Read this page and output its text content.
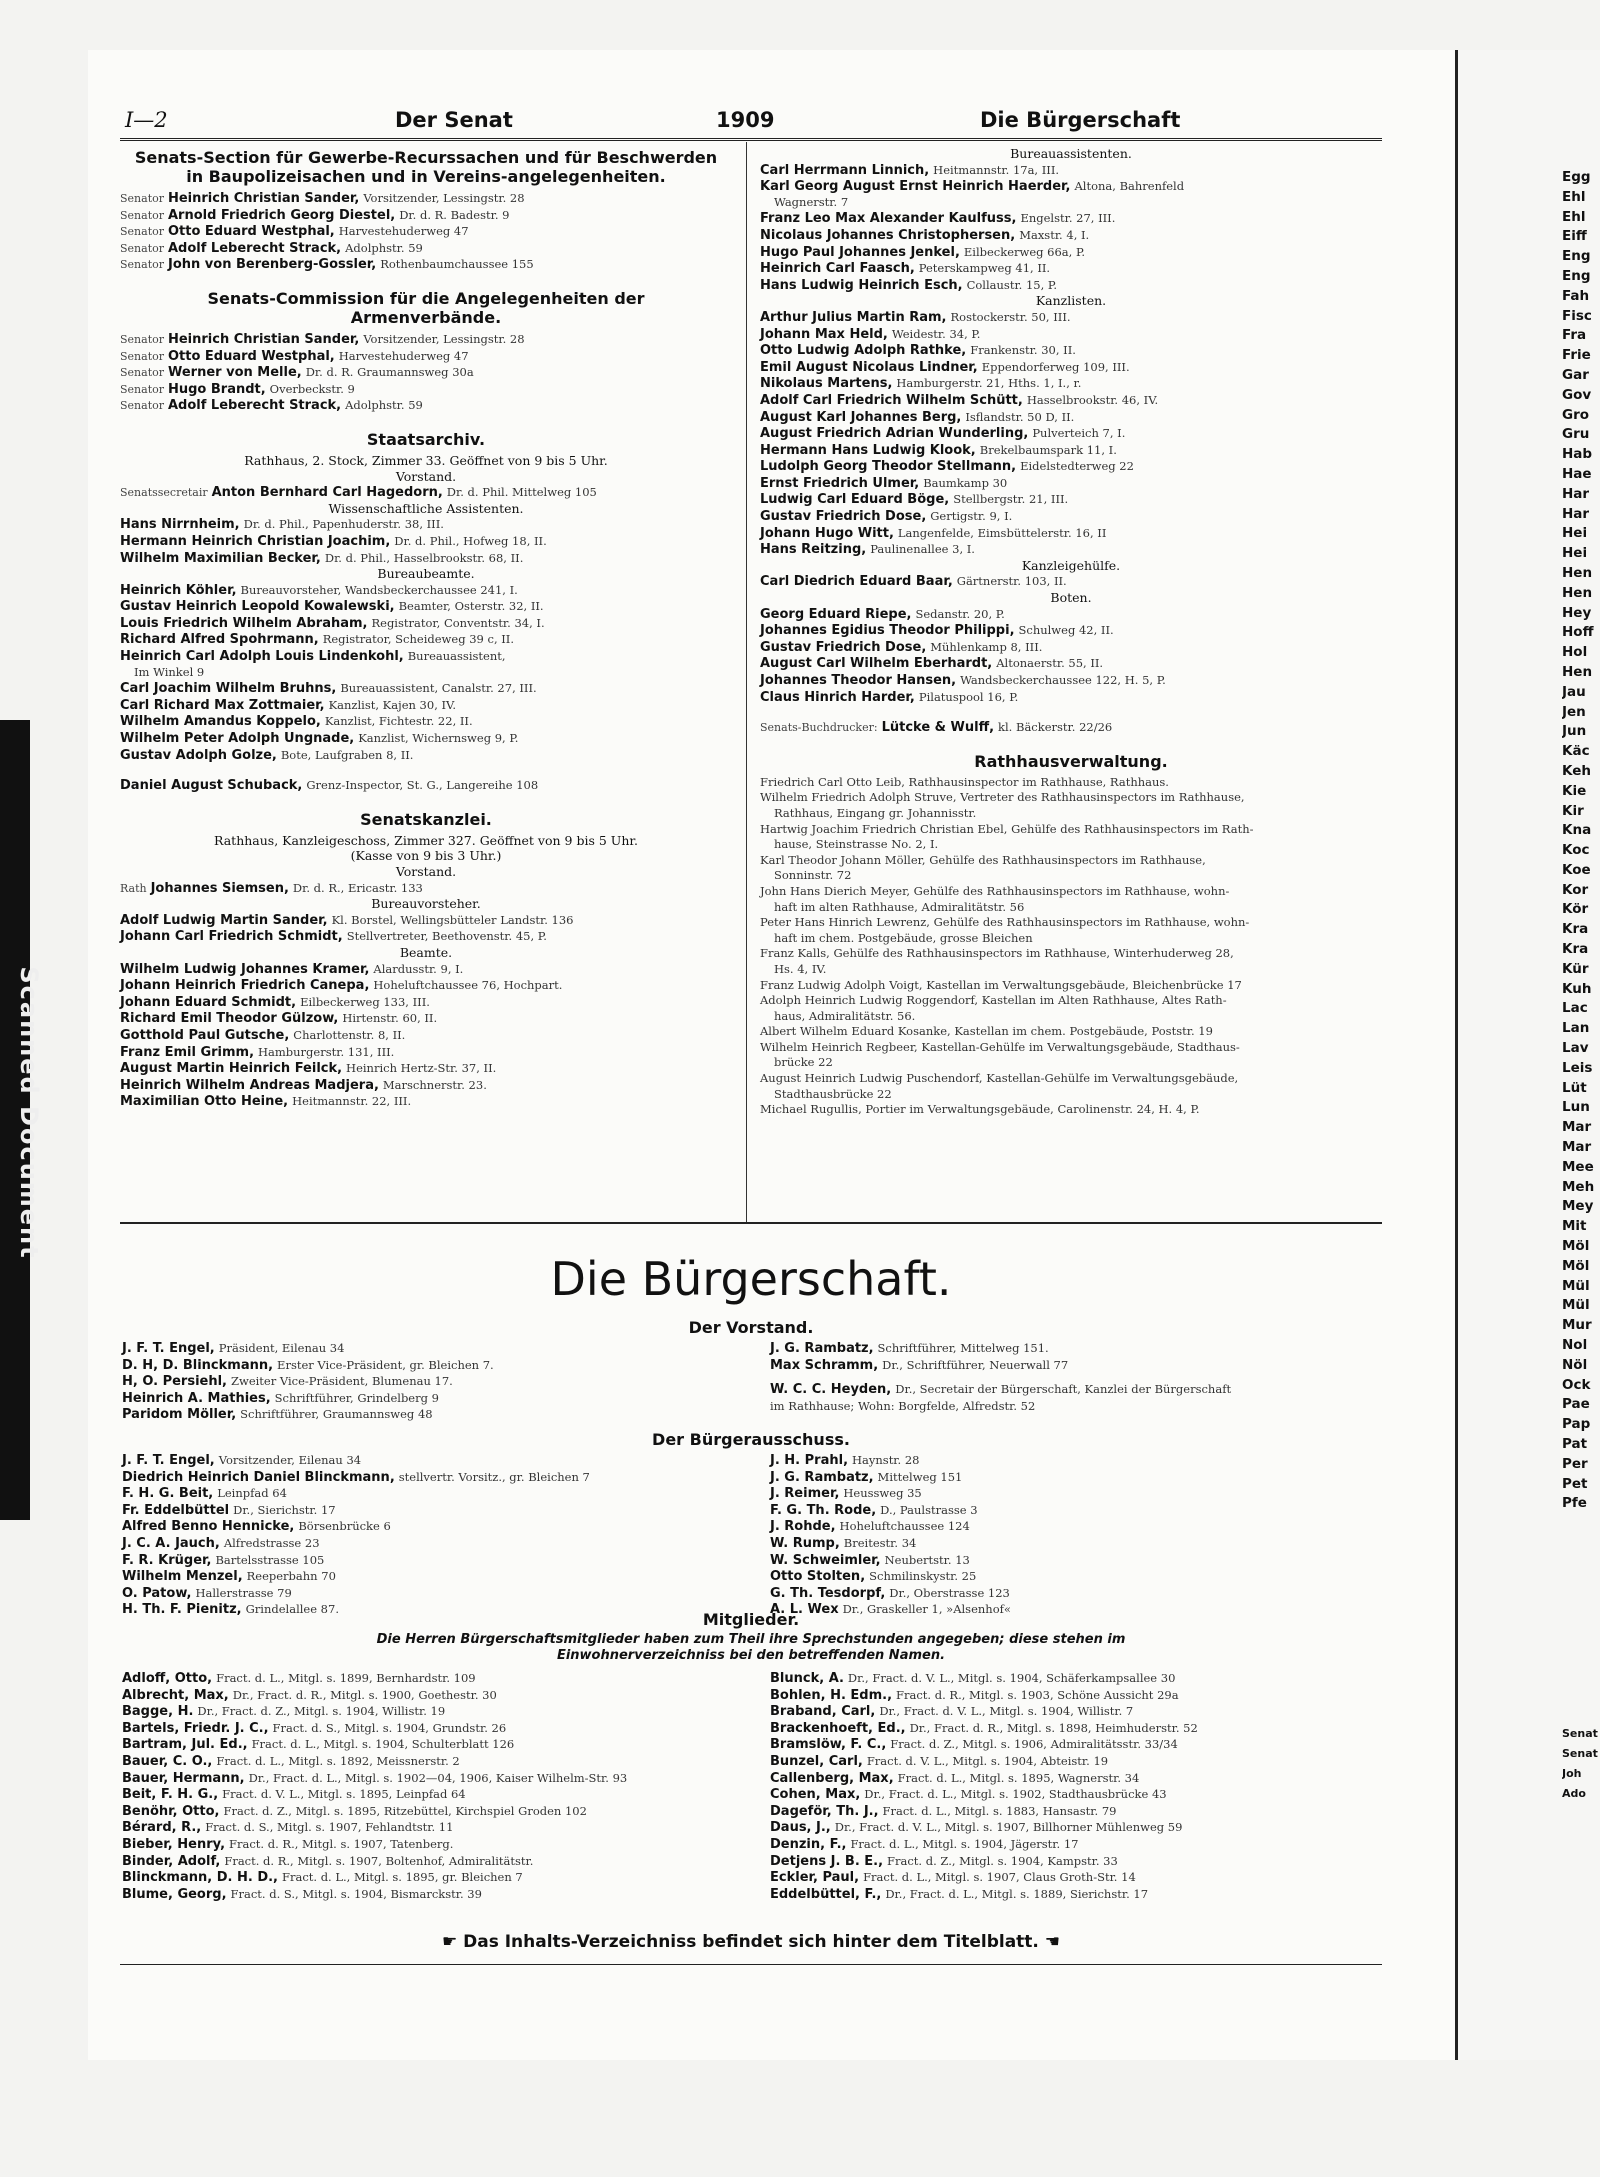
Scanned Document
Egg
Ehl
Ehl
Eiff
Eng
Eng
Fah
Fisc
Fra
Frie
Gar
Gov
Gro
Gru
Hab
Hae
Har
Har
Hei
Hei
Hen
Hen
Hey
Hoff
Hol
Hen
Jau
Jen
Jun
Käc
Keh
Kie
Kir
Kna
Koc
Koe
Kor
Kör
Kra
Kra
Kür
Kuh
Lac
Lan
Lav
Leis
Lüt
Lun
Mar
Mar
Mee
Meh
Mey
Mit
Möl
Möl
Mül
Mül
Mur
Nol
Nöl
Ock
Pae
Pap
Pat
Per
Pet
Pfe
Senat
Senat
Joh
Ado
I—2	Der Senat	1909	Die Bürgerschaft

Senats-Section für Gewerbe-Recurssachen und für Beschwerden in Baupolizeisachen und in Vereins-angelegenheiten.

Senator Heinrich Christian Sander, Vorsitzender, Lessingstr. 28

Senator Arnold Friedrich Georg Diestel, Dr. d. R. Badestr. 9

Senator Otto Eduard Westphal, Harvestehuderweg 47

Senator Adolf Leberecht Strack, Adolphstr. 59

Senator John von Berenberg-Gossler, Rothenbaumchaussee 155

Senats-Commission für die Angelegenheiten der Armenverbände.

Senator Heinrich Christian Sander, Vorsitzender, Lessingstr. 28

Senator Otto Eduard Westphal, Harvestehuderweg 47

Senator Werner von Melle, Dr. d. R. Graumannsweg 30a

Senator Hugo Brandt, Overbeckstr. 9

Senator Adolf Leberecht Strack, Adolphstr. 59

Staatsarchiv.

Rathhaus, 2. Stock, Zimmer 33. Geöffnet von 9 bis 5 Uhr.

Vorstand.

Senatssecretair Anton Bernhard Carl Hagedorn, Dr. d. Phil. Mittelweg 105

Wissenschaftliche Assistenten.

Hans Nirrnheim, Dr. d. Phil., Papenhuderstr. 38, III.

Hermann Heinrich Christian Joachim, Dr. d. Phil., Hofweg 18, II.

Wilhelm Maximilian Becker, Dr. d. Phil., Hasselbrookstr. 68, II.

Bureaubeamte.

Heinrich Köhler, Bureauvorsteher, Wandsbeckerchaussee 241, I.

Gustav Heinrich Leopold Kowalewski, Beamter, Osterstr. 32, II.

Louis Friedrich Wilhelm Abraham, Registrator, Conventstr. 34, I.

Richard Alfred Spohrmann, Registrator, Scheideweg 39 c, II.

Heinrich Carl Adolph Louis Lindenkohl, Bureauassistent,

Im Winkel 9

Carl Joachim Wilhelm Bruhns, Bureauassistent, Canalstr. 27, III.

Carl Richard Max Zottmaier, Kanzlist, Kajen 30, IV.

Wilhelm Amandus Koppelo, Kanzlist, Fichtestr. 22, II.

Wilhelm Peter Adolph Ungnade, Kanzlist, Wichernsweg 9, P.

Gustav Adolph Golze, Bote, Laufgraben 8, II.

Daniel August Schuback, Grenz-Inspector, St. G., Langereihe 108

Senatskanzlei.

Rathhaus, Kanzleigeschoss, Zimmer 327. Geöffnet von 9 bis 5 Uhr.

(Kasse von 9 bis 3 Uhr.)

Vorstand.

Rath Johannes Siemsen, Dr. d. R., Ericastr. 133

Bureauvorsteher.

Adolf Ludwig Martin Sander, Kl. Borstel, Wellingsbütteler Landstr. 136

Johann Carl Friedrich Schmidt, Stellvertreter, Beethovenstr. 45, P.

Beamte.

Wilhelm Ludwig Johannes Kramer, Alardusstr. 9, I.

Johann Heinrich Friedrich Canepa, Hoheluftchaussee 76, Hochpart.

Johann Eduard Schmidt, Eilbeckerweg 133, III.

Richard Emil Theodor Gülzow, Hirtenstr. 60, II.

Gotthold Paul Gutsche, Charlottenstr. 8, II.

Franz Emil Grimm, Hamburgerstr. 131, III.

August Martin Heinrich Feilck, Heinrich Hertz-Str. 37, II.

Heinrich Wilhelm Andreas Madjera, Marschnerstr. 23.

Maximilian Otto Heine, Heitmannstr. 22, III.

Bureauassistenten.

Carl Herrmann Linnich, Heitmannstr. 17a, III.

Karl Georg August Ernst Heinrich Haerder, Altona, Bahrenfeld

Wagnerstr. 7

Franz Leo Max Alexander Kaulfuss, Engelstr. 27, III.

Nicolaus Johannes Christophersen, Maxstr. 4, I.

Hugo Paul Johannes Jenkel, Eilbeckerweg 66a, P.

Heinrich Carl Faasch, Peterskampweg 41, II.

Hans Ludwig Heinrich Esch, Collaustr. 15, P.

Kanzlisten.

Arthur Julius Martin Ram, Rostockerstr. 50, III.

Johann Max Held, Weidestr. 34, P.

Otto Ludwig Adolph Rathke, Frankenstr. 30, II.

Emil August Nicolaus Lindner, Eppendorferweg 109, III.

Nikolaus Martens, Hamburgerstr. 21, Hths. 1, I., r.

Adolf Carl Friedrich Wilhelm Schütt, Hasselbrookstr. 46, IV.

August Karl Johannes Berg, Isflandstr. 50 D, II.

August Friedrich Adrian Wunderling, Pulverteich 7, I.

Hermann Hans Ludwig Klook, Brekelbaumspark 11, I.

Ludolph Georg Theodor Stellmann, Eidelstedterweg 22

Ernst Friedrich Ulmer, Baumkamp 30

Ludwig Carl Eduard Böge, Stellbergstr. 21, III.

Gustav Friedrich Dose, Gertigstr. 9, I.

Johann Hugo Witt, Langenfelde, Eimsbüttelerstr. 16, II

Hans Reitzing, Paulinenallee 3, I.

Kanzleigehülfe.

Carl Diedrich Eduard Baar, Gärtnerstr. 103, II.

Boten.

Georg Eduard Riepe, Sedanstr. 20, P.

Johannes Egidius Theodor Philippi, Schulweg 42, II.

Gustav Friedrich Dose, Mühlenkamp 8, III.

August Carl Wilhelm Eberhardt, Altonaerstr. 55, II.

Johannes Theodor Hansen, Wandsbeckerchaussee 122, H. 5, P.

Claus Hinrich Harder, Pilatuspool 16, P.

Senats-Buchdrucker: Lütcke & Wulff, kl. Bäckerstr. 22/26

Rathhausverwaltung.

Friedrich Carl Otto Leib, Rathhausinspector im Rathhause, Rathhaus.

Wilhelm Friedrich Adolph Struve, Vertreter des Rathhausinspectors im Rathhause,

Rathhaus, Eingang gr. Johannisstr.

Hartwig Joachim Friedrich Christian Ebel, Gehülfe des Rathhausinspectors im Rath-

hause, Steinstrasse No. 2, I.

Karl Theodor Johann Möller, Gehülfe des Rathhausinspectors im Rathhause,

Sonninstr. 72

John Hans Dierich Meyer, Gehülfe des Rathhausinspectors im Rathhause, wohn-

haft im alten Rathhause, Admiralitätstr. 56

Peter Hans Hinrich Lewrenz, Gehülfe des Rathhausinspectors im Rathhause, wohn-

haft im chem. Postgebäude, grosse Bleichen

Franz Kalls, Gehülfe des Rathhausinspectors im Rathhause, Winterhuderweg 28,

Hs. 4, IV.

Franz Ludwig Adolph Voigt, Kastellan im Verwaltungsgebäude, Bleichenbrücke 17

Adolph Heinrich Ludwig Roggendorf, Kastellan im Alten Rathhause, Altes Rath-

haus, Admiralitätstr. 56.

Albert Wilhelm Eduard Kosanke, Kastellan im chem. Postgebäude, Poststr. 19

Wilhelm Heinrich Regbeer, Kastellan-Gehülfe im Verwaltungsgebäude, Stadthaus-

brücke 22

August Heinrich Ludwig Puschendorf, Kastellan-Gehülfe im Verwaltungsgebäude,

Stadthausbrücke 22

Michael Rugullis, Portier im Verwaltungsgebäude, Carolinenstr. 24, H. 4, P.

Die Bürgerschaft.
Der Vorstand.

J. F. T. Engel, Präsident, Eilenau 34

D. H, D. Blinckmann, Erster Vice-Präsident, gr. Bleichen 7.

H, O. Persiehl, Zweiter Vice-Präsident, Blumenau 17.

Heinrich A. Mathies, Schriftführer, Grindelberg 9

Paridom Möller, Schriftführer, Graumannsweg 48

J. G. Rambatz, Schriftführer, Mittelweg 151.

Max Schramm, Dr., Schriftführer, Neuerwall 77

W. C. C. Heyden, Dr., Secretair der Bürgerschaft, Kanzlei der Bürgerschaft

im Rathhause; Wohn: Borgfelde, Alfredstr. 52

Der Bürgerausschuss.

J. F. T. Engel, Vorsitzender, Eilenau 34

Diedrich Heinrich Daniel Blinckmann, stellvertr. Vorsitz., gr. Bleichen 7

F. H. G. Beit, Leinpfad 64

Fr. Eddelbüttel Dr., Sierichstr. 17

Alfred Benno Hennicke, Börsenbrücke 6

J. C. A. Jauch, Alfredstrasse 23

F. R. Krüger, Bartelsstrasse 105

Wilhelm Menzel, Reeperbahn 70

O. Patow, Hallerstrasse 79

H. Th. F. Pienitz, Grindelallee 87.

J. H. Prahl, Haynstr. 28

J. G. Rambatz, Mittelweg 151

J. Reimer, Heussweg 35

F. G. Th. Rode, D., Paulstrasse 3

J. Rohde, Hoheluftchaussee 124

W. Rump, Breitestr. 34

W. Schweimler, Neubertstr. 13

Otto Stolten, Schmilinskystr. 25

G. Th. Tesdorpf, Dr., Oberstrasse 123

A. L. Wex Dr., Graskeller 1, »Alsenhof«

Mitglieder.
Die Herren Bürgerschaftsmitglieder haben zum Theil ihre Sprechstunden angegeben; diese stehen im
Einwohnerverzeichniss bei den betreffenden Namen.

Adloff, Otto, Fract. d. L., Mitgl. s. 1899, Bernhardstr. 109

Albrecht, Max, Dr., Fract. d. R., Mitgl. s. 1900, Goethestr. 30

Bagge, H. Dr., Fract. d. Z., Mitgl. s. 1904, Willistr. 19

Bartels, Friedr. J. C., Fract. d. S., Mitgl. s. 1904, Grundstr. 26

Bartram, Jul. Ed., Fract. d. L., Mitgl. s. 1904, Schulterblatt 126

Bauer, C. O., Fract. d. L., Mitgl. s. 1892, Meissnerstr. 2

Bauer, Hermann, Dr., Fract. d. L., Mitgl. s. 1902—04, 1906, Kaiser Wilhelm-Str. 93

Beit, F. H. G., Fract. d. V. L., Mitgl. s. 1895, Leinpfad 64

Benöhr, Otto, Fract. d. Z., Mitgl. s. 1895, Ritzebüttel, Kirchspiel Groden 102

Bérard, R., Fract. d. S., Mitgl. s. 1907, Fehlandtstr. 11

Bieber, Henry, Fract. d. R., Mitgl. s. 1907, Tatenberg.

Binder, Adolf, Fract. d. R., Mitgl. s. 1907, Boltenhof, Admiralitätstr.

Blinckmann, D. H. D., Fract. d. L., Mitgl. s. 1895, gr. Bleichen 7

Blume, Georg, Fract. d. S., Mitgl. s. 1904, Bismarckstr. 39

Blunck, A. Dr., Fract. d. V. L., Mitgl. s. 1904, Schäferkampsallee 30

Bohlen, H. Edm., Fract. d. R., Mitgl. s. 1903, Schöne Aussicht 29a

Braband, Carl, Dr., Fract. d. V. L., Mitgl. s. 1904, Willistr. 7

Brackenhoeft, Ed., Dr., Fract. d. R., Mitgl. s. 1898, Heimhuderstr. 52

Bramslöw, F. C., Fract. d. Z., Mitgl. s. 1906, Admiralitätsstr. 33/34

Bunzel, Carl, Fract. d. V. L., Mitgl. s. 1904, Abteistr. 19

Callenberg, Max, Fract. d. L., Mitgl. s. 1895, Wagnerstr. 34

Cohen, Max, Dr., Fract. d. L., Mitgl. s. 1902, Stadthausbrücke 43

Dageför, Th. J., Fract. d. L., Mitgl. s. 1883, Hansastr. 79

Daus, J., Dr., Fract. d. V. L., Mitgl. s. 1907, Billhorner Mühlenweg 59

Denzin, F., Fract. d. L., Mitgl. s. 1904, Jägerstr. 17

Detjens J. B. E., Fract. d. Z., Mitgl. s. 1904, Kampstr. 33

Eckler, Paul, Fract. d. L., Mitgl. s. 1907, Claus Groth-Str. 14

Eddelbüttel, F., Dr., Fract. d. L., Mitgl. s. 1889, Sierichstr. 17

☛ Das Inhalts-Verzeichniss befindet sich hinter dem Titelblatt. ☚
